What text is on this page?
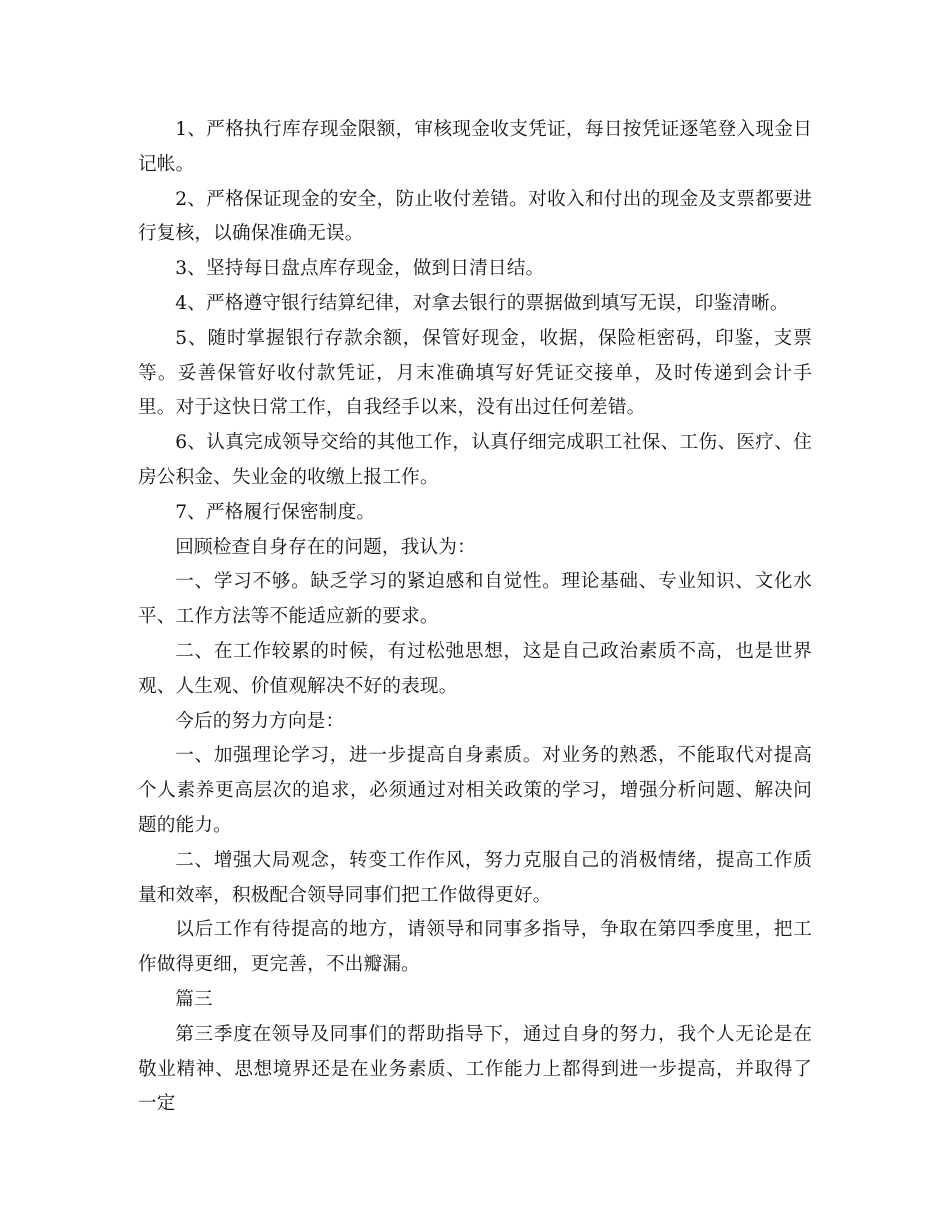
1、严格执行库存现金限额，审核现金收支凭证，每日按凭证逐笔登入现金日记帐。

2、严格保证现金的安全，防止收付差错。对收入和付出的现金及支票都要进行复核，以确保准确无误。

3、坚持每日盘点库存现金，做到日清日结。

4、严格遵守银行结算纪律，对拿去银行的票据做到填写无误，印鉴清晰。

5、随时掌握银行存款余额，保管好现金，收据，保险柜密码，印鉴，支票等。妥善保管好收付款凭证，月末准确填写好凭证交接单，及时传递到会计手里。对于这快日常工作，自我经手以来，没有出过任何差错。

6、认真完成领导交给的其他工作，认真仔细完成职工社保、工伤、医疗、住房公积金、失业金的收缴上报工作。

7、严格履行保密制度。

回顾检查自身存在的问题，我认为：

一、学习不够。缺乏学习的紧迫感和自觉性。理论基础、专业知识、文化水平、工作方法等不能适应新的要求。

二、在工作较累的时候，有过松弛思想，这是自己政治素质不高，也是世界观、人生观、价值观解决不好的表现。

今后的努力方向是：

一、加强理论学习，进一步提高自身素质。对业务的熟悉，不能取代对提高个人素养更高层次的追求，必须通过对相关政策的学习，增强分析问题、解决问题的能力。

二、增强大局观念，转变工作作风，努力克服自己的消极情绪，提高工作质量和效率，积极配合领导同事们把工作做得更好。

以后工作有待提高的地方，请领导和同事多指导，争取在第四季度里，把工作做得更细，更完善，不出瓣漏。

篇三

第三季度在领导及同事们的帮助指导下，通过自身的努力，我个人无论是在敬业精神、思想境界还是在业务素质、工作能力上都得到进一步提高，并取得了一定
